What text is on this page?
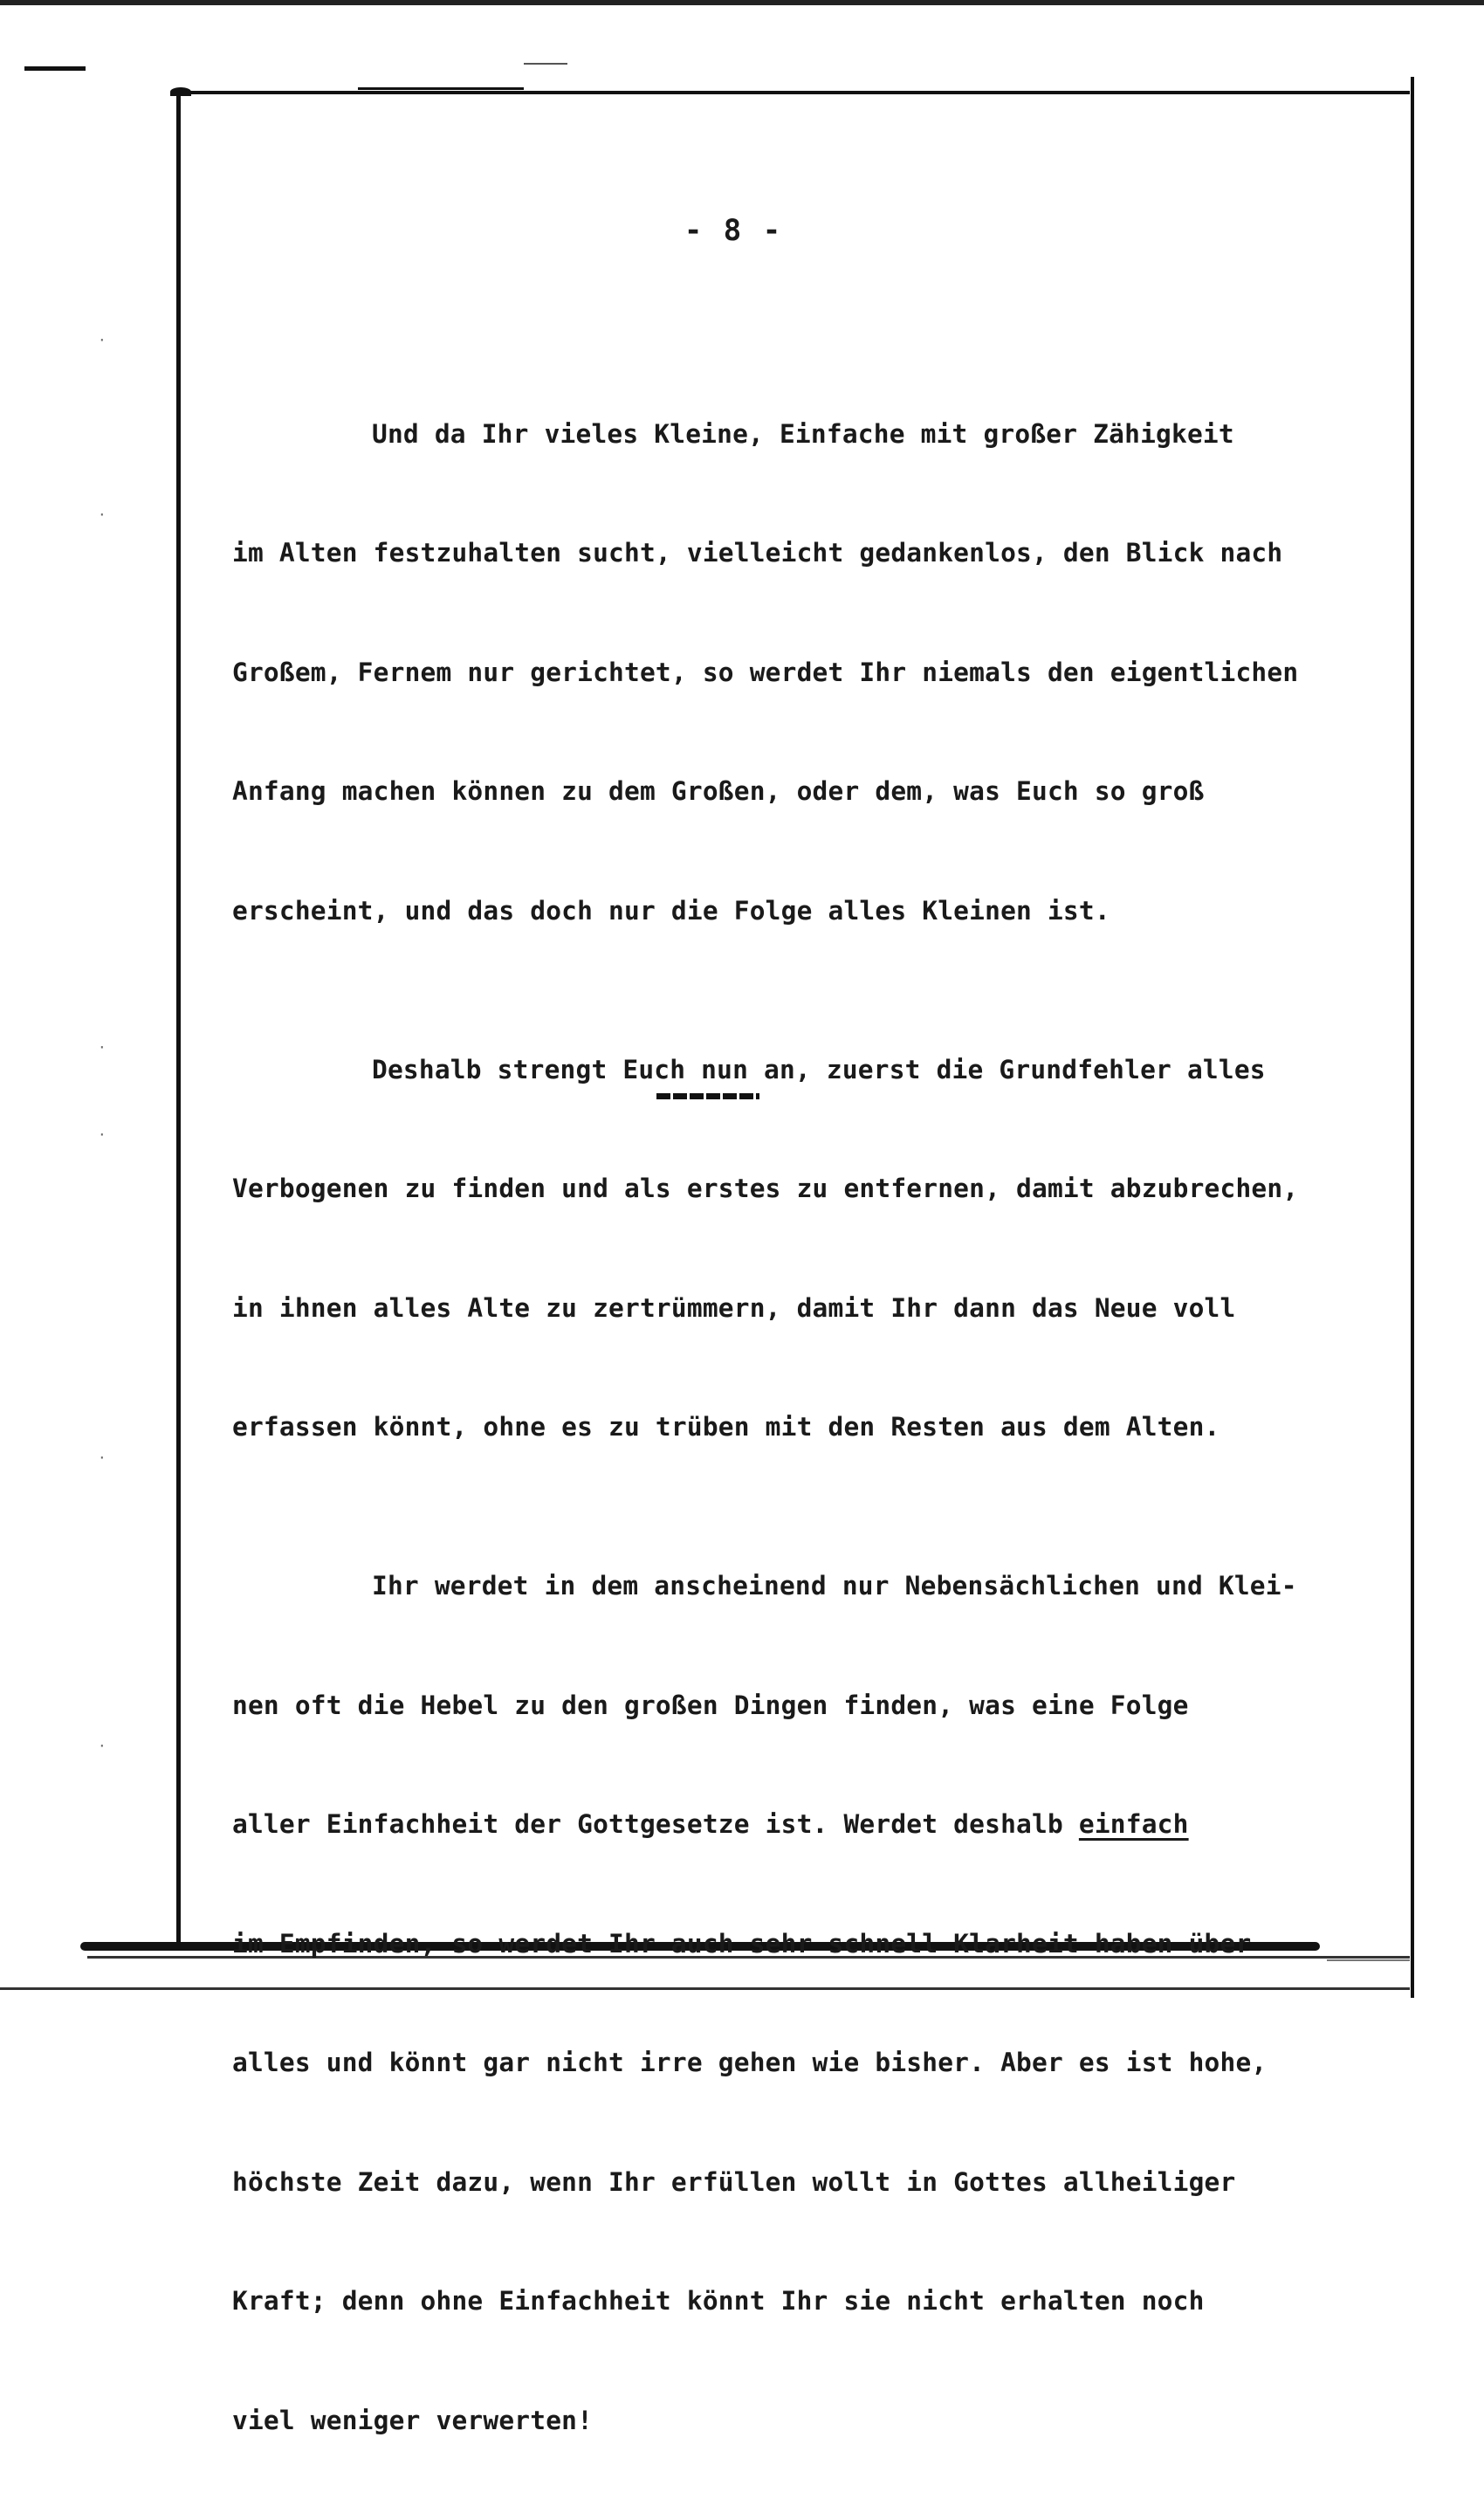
·
·
·
·
·
·
- 8 -

Und da Ihr vieles Kleine, Einfache mit großer Zähigkeit

im Alten festzuhalten sucht, vielleicht gedankenlos, den Blick nach

Großem, Fernem nur gerichtet, so werdet Ihr niemals den eigentlichen

Anfang machen können zu dem Großen, oder dem, was Euch so groß

erscheint, und das doch nur die Folge alles Kleinen ist.

Deshalb strengt Euch nun an, zuerst die Grundfehler alles

Verbogenen zu finden und als erstes zu entfernen, damit abzubrechen,

in ihnen alles Alte zu zertrümmern, damit Ihr dann das Neue voll

erfassen könnt, ohne es zu trüben mit den Resten aus dem Alten.

Ihr werdet in dem anscheinend nur Nebensächlichen und Klei-

nen oft die Hebel zu den großen Dingen finden, was eine Folge

aller Einfachheit der Gottgesetze ist. Werdet deshalb einfach

im Empfinden, so werdet Ihr auch sehr schnell Klarheit haben über

alles und könnt gar nicht irre gehen wie bisher. Aber es ist hohe,

höchste Zeit dazu, wenn Ihr erfüllen wollt in Gottes allheiliger

Kraft; denn ohne Einfachheit könnt Ihr sie nicht erhalten noch

viel weniger verwerten!
